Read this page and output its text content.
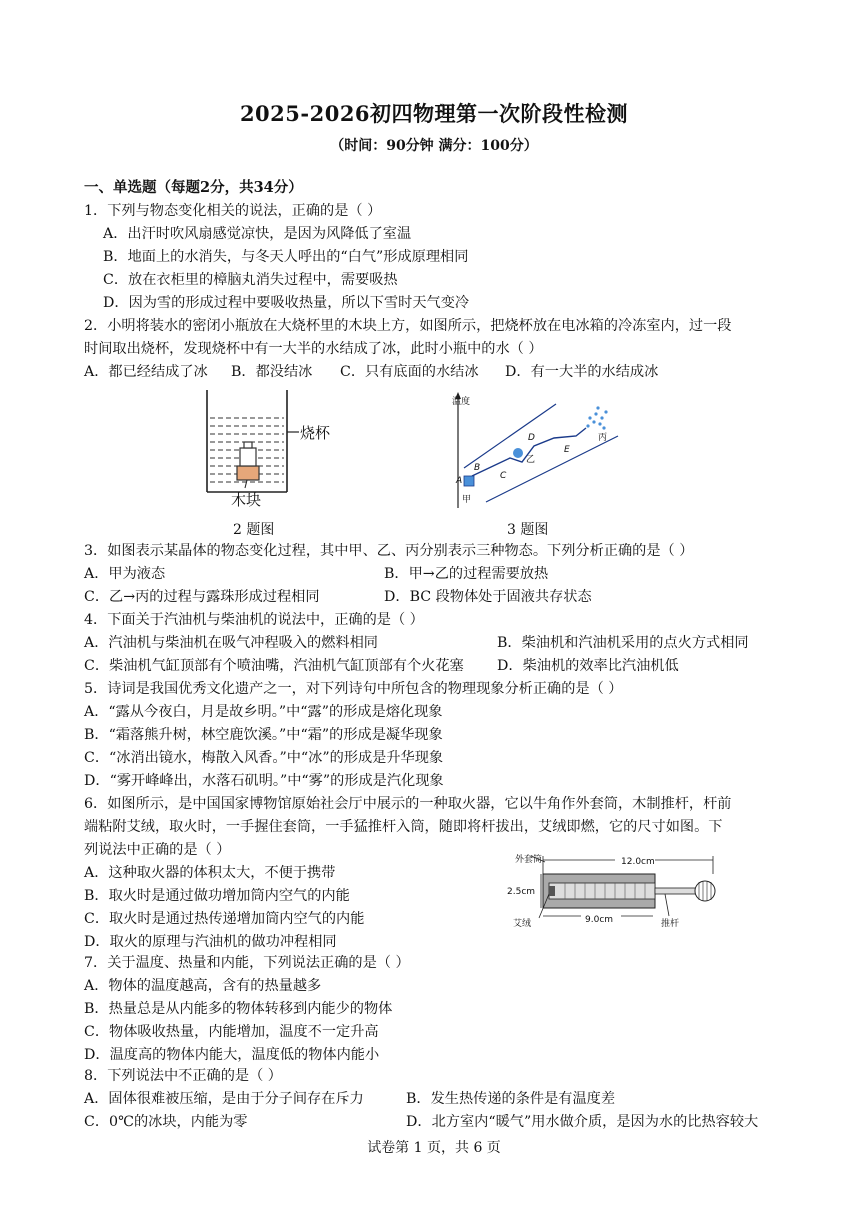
2025-2026初四物理第一次阶段性检测
（时间：90分钟 满分：100分）
一、单选题（每题2分，共34分）
1．下列与物态变化相关的说法，正确的是（ ）
A．出汗时吹风扇感觉凉快，是因为风降低了室温
B．地面上的水消失，与冬天人呼出的“白气”形成原理相同
C．放在衣柜里的樟脑丸消失过程中，需要吸热
D．因为雪的形成过程中要吸收热量，所以下雪时天气变冷
2．小明将装水的密闭小瓶放在大烧杯里的木块上方，如图所示，把烧杯放在电冰箱的冷冻室内，过一段
时间取出烧杯，发现烧杯中有一大半的水结成了冰，此时小瓶中的水（ ）
A．都已经结成了冰 B．都没结冰 C．只有底面的水结冰 D．有一大半的水结成冰
烧杯
木块
2 题图
温度
A
B
C
D
E
甲
乙
丙
3 题图
3．如图表示某晶体的物态变化过程，其中甲、乙、丙分别表示三种物态。下列分析正确的是（ ）
A．甲为液态	B．甲→乙的过程需要放热
C．乙→丙的过程与露珠形成过程相同	D．BC 段物体处于固液共存状态
4．下面关于汽油机与柴油机的说法中，正确的是（ ）
A．汽油机与柴油机在吸气冲程吸入的燃料相同	B．柴油机和汽油机采用的点火方式相同
C．柴油机气缸顶部有个喷油嘴，汽油机气缸顶部有个火花塞 D．柴油机的效率比汽油机低
5．诗词是我国优秀文化遗产之一，对下列诗句中所包含的物理现象分析正确的是（ ）
A．“露从今夜白，月是故乡明。”中“露”的形成是熔化现象
B．“霜落熊升树，林空鹿饮溪。”中“霜”的形成是凝华现象
C．“冰消出镜水，梅散入风香。”中“冰”的形成是升华现象
D．“雾开峰峰出，水落石矶明。”中“雾”的形成是汽化现象
6．如图所示，是中国国家博物馆原始社会厅中展示的一种取火器，它以牛角作外套筒，木制推杆，杆前
端粘附艾绒，取火时，一手握住套筒，一手猛推杆入筒，随即将杆拔出，艾绒即燃，它的尺寸如图。下
列说法中正确的是（ ）
A．这种取火器的体积太大，不便于携带
B．取火时是通过做功增加筒内空气的内能
C．取火时是通过热传递增加筒内空气的内能
D．取火的原理与汽油机的做功冲程相同
外套筒	12.0cm
2.5cm
9.0cm
艾绒	推杆
7．关于温度、热量和内能，下列说法正确的是（ ）
A．物体的温度越高，含有的热量越多
B．热量总是从内能多的物体转移到内能少的物体
C．物体吸收热量，内能增加，温度不一定升高
D．温度高的物体内能大，温度低的物体内能小
8．下列说法中不正确的是（ ）
A．固体很难被压缩，是由于分子间存在斥力	B．发生热传递的条件是有温度差
C．0℃的冰块，内能为零	D．北方室内“暖气”用水做介质，是因为水的比热容较大
试卷第 1 页，共 6 页
